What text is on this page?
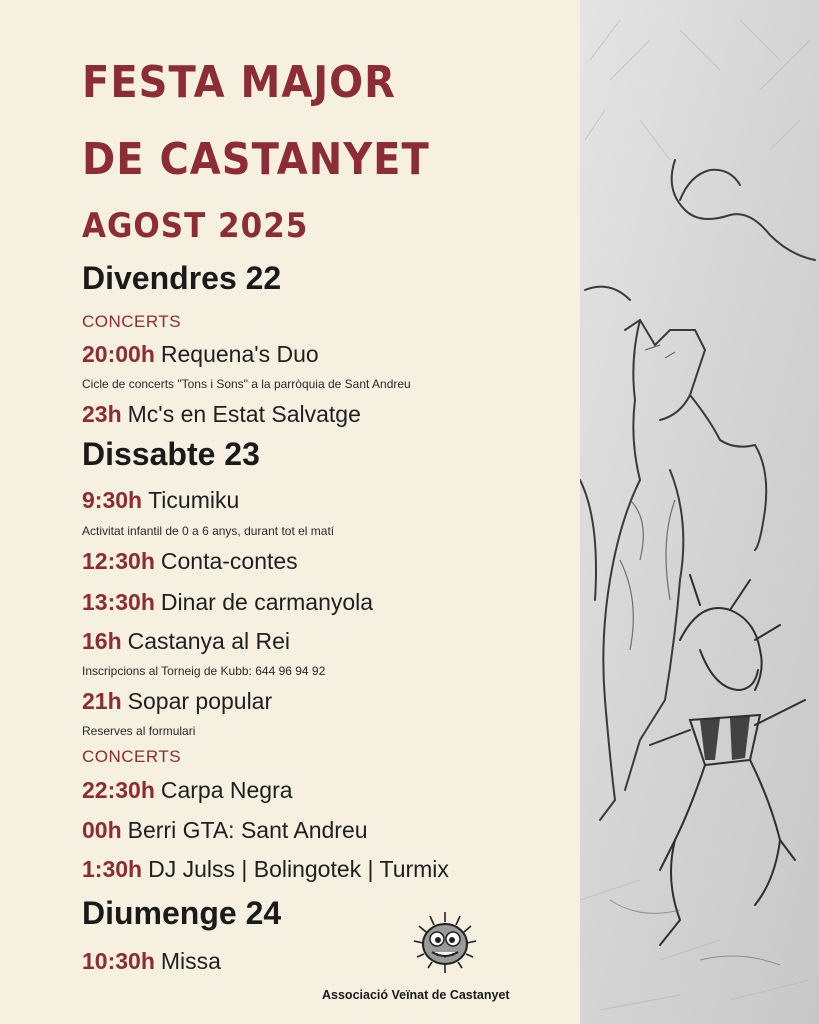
FESTA MAJOR
DE CASTANYET
AGOST 2025
Divendres 22
CONCERTS
20:00h Requena's Duo
Cicle de concerts "Tons i Sons" a la parròquia de Sant Andreu
23h Mc's en Estat Salvatge
Dissabte 23
9:30h Ticumiku
Activitat infantil de 0 a 6 anys, durant tot el matí
12:30h Conta-contes
13:30h Dinar de carmanyola
16h Castanya al Rei
Inscripcions al Torneig de Kubb: 644 96 94 92
21h Sopar popular
Reserves al formulari
CONCERTS
22:30h Carpa Negra
00h Berri GTA: Sant Andreu
1:30h DJ Julss | Bolingotek | Turmix
Diumenge 24
10:30h Missa
Associació Veïnat de Castanyet
